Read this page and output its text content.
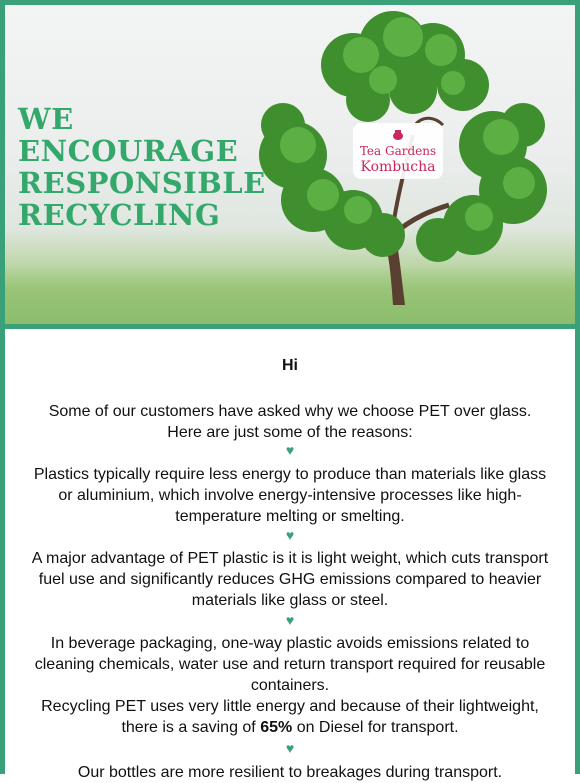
Tea Gardens
Kombucha
WE
ENCOURAGE
RESPONSIBLE
RECYCLING
Hi
Some of our customers have asked why we choose PET over glass.
Here are just some of the reasons:
♥
Plastics typically require less energy to produce than materials like glass
or aluminium, which involve energy-intensive processes like high-
temperature melting or smelting.
♥
A major advantage of PET plastic is it is light weight, which cuts transport
fuel use and significantly reduces GHG emissions compared to heavier
materials like glass or steel.
♥
In beverage packaging, one-way plastic avoids emissions related to
cleaning chemicals, water use and return transport required for reusable
containers.
Recycling PET uses very little energy and because of their lightweight,
there is a saving of 65% on Diesel for transport.
♥
Our bottles are more resilient to breakages during transport.
